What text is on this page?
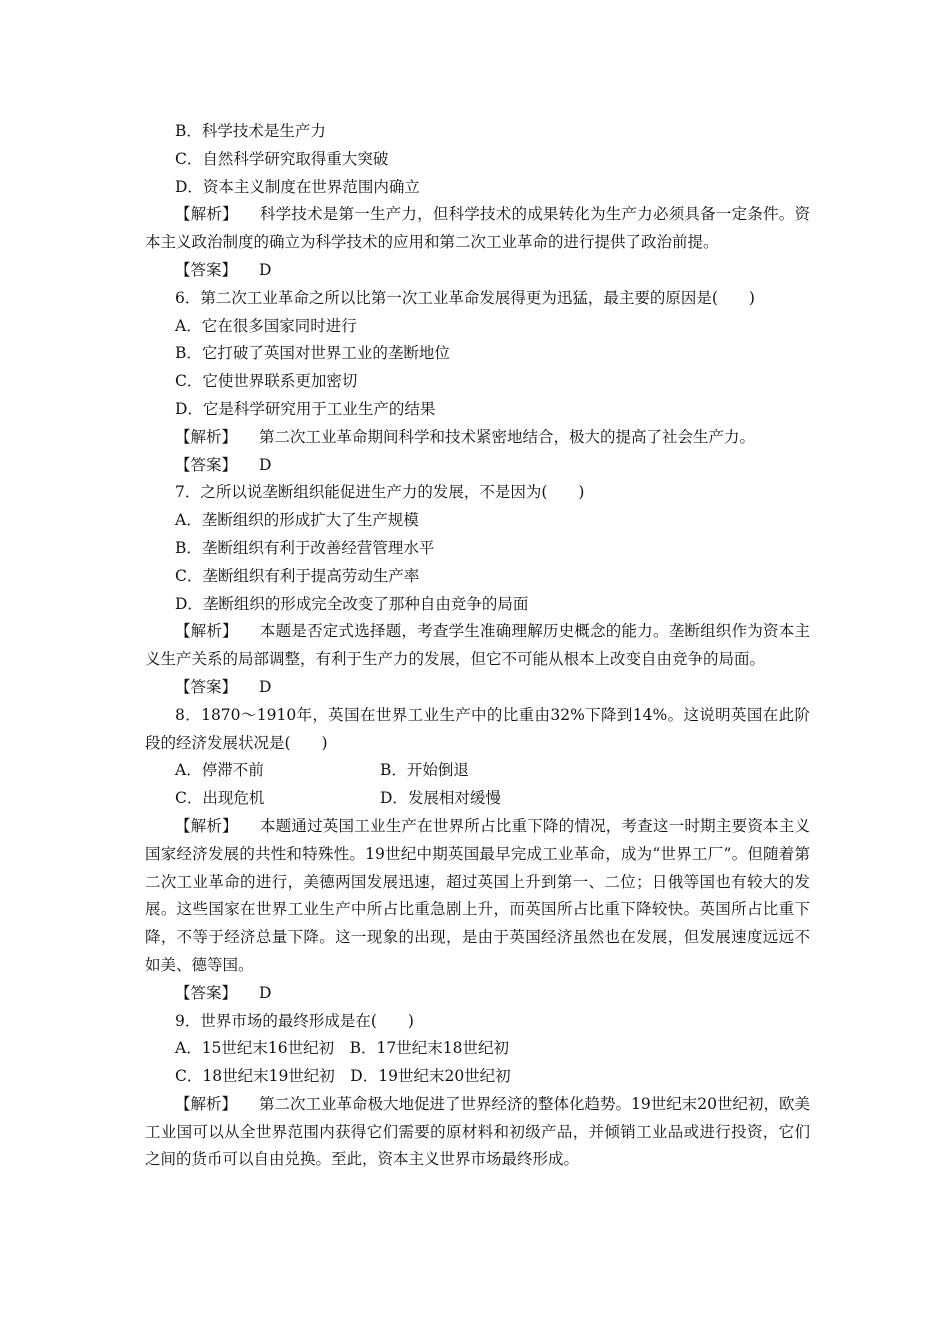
B．科学技术是生产力
C．自然科学研究取得重大突破
D．资本主义制度在世界范围内确立
【解析】 科学技术是第一生产力，但科学技术的成果转化为生产力必须具备一定条件。资本主义政治制度的确立为科学技术的应用和第二次工业革命的进行提供了政治前提。
【答案】 D
6．第二次工业革命之所以比第一次工业革命发展得更为迅猛，最主要的原因是(　　)
A．它在很多国家同时进行
B．它打破了英国对世界工业的垄断地位
C．它使世界联系更加密切
D．它是科学研究用于工业生产的结果
【解析】 第二次工业革命期间科学和技术紧密地结合，极大的提高了社会生产力。
【答案】 D
7．之所以说垄断组织能促进生产力的发展，不是因为(　　)
A．垄断组织的形成扩大了生产规模
B．垄断组织有利于改善经营管理水平
C．垄断组织有利于提高劳动生产率
D．垄断组织的形成完全改变了那种自由竞争的局面
【解析】 本题是否定式选择题，考查学生准确理解历史概念的能力。垄断组织作为资本主义生产关系的局部调整，有利于生产力的发展，但它不可能从根本上改变自由竞争的局面。
【答案】 D
8．1870～1910年，英国在世界工业生产中的比重由32%下降到14%。这说明英国在此阶段的经济发展状况是(　　)
A．停滞不前	B．开始倒退
C．出现危机	D．发展相对缓慢
【解析】 本题通过英国工业生产在世界所占比重下降的情况，考查这一时期主要资本主义国家经济发展的共性和特殊性。19世纪中期英国最早完成工业革命，成为“世界工厂”。但随着第二次工业革命的进行，美德两国发展迅速，超过英国上升到第一、二位；日俄等国也有较大的发展。这些国家在世界工业生产中所占比重急剧上升，而英国所占比重下降较快。英国所占比重下降，不等于经济总量下降。这一现象的出现，是由于英国经济虽然也在发展，但发展速度远远不如美、德等国。
【答案】 D
9．世界市场的最终形成是在(　　)
A．15世纪末16世纪初　B．17世纪末18世纪初
C．18世纪末19世纪初　D．19世纪末20世纪初
【解析】 第二次工业革命极大地促进了世界经济的整体化趋势。19世纪末20世纪初，欧美工业国可以从全世界范围内获得它们需要的原材料和初级产品，并倾销工业品或进行投资，它们之间的货币可以自由兑换。至此，资本主义世界市场最终形成。
